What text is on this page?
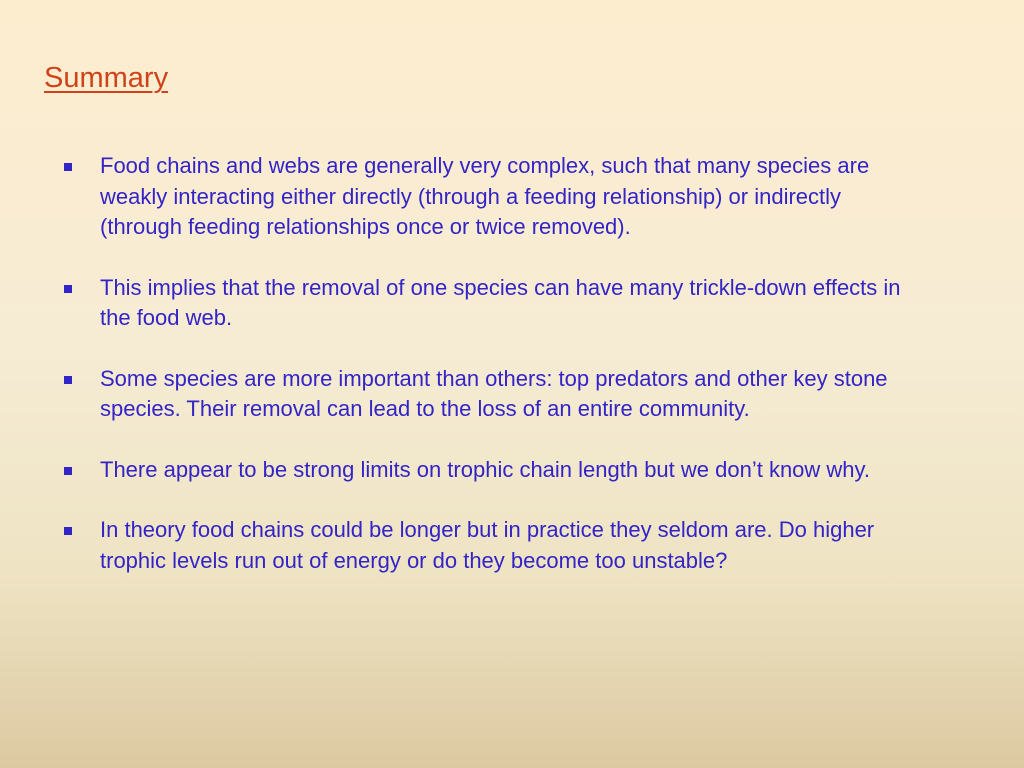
Summary
Food chains and webs are generally very complex, such that many species are weakly interacting either directly (through a feeding relationship) or indirectly (through feeding relationships once or twice removed).
This implies that the removal of one species can have many trickle-down effects in the food web.
Some species are more important than others: top predators and other key stone species. Their removal can lead to the loss of an entire community.
There appear to be strong limits on trophic chain length but we don’t know why.
In theory food chains could be longer but in practice they seldom are. Do higher trophic levels run out of energy or do they become too unstable?
